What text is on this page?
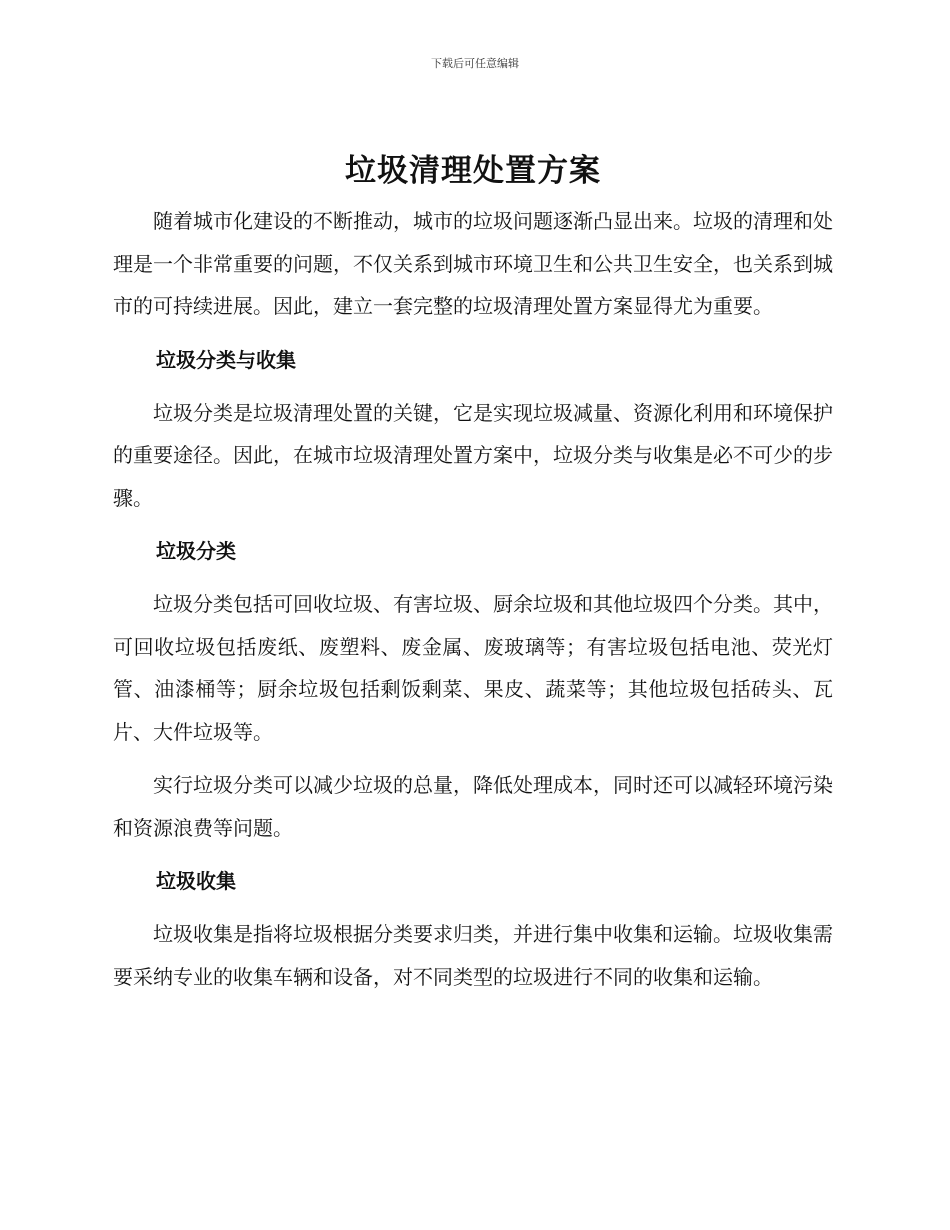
下载后可任意编辑
垃圾清理处置方案

随着城市化建设的不断推动，城市的垃圾问题逐渐凸显出来。垃圾的清理和处理是一个非常重要的问题，不仅关系到城市环境卫生和公共卫生安全，也关系到城市的可持续进展。因此，建立一套完整的垃圾清理处置方案显得尤为重要。

垃圾分类与收集

垃圾分类是垃圾清理处置的关键，它是实现垃圾减量、资源化利用和环境保护的重要途径。因此，在城市垃圾清理处置方案中，垃圾分类与收集是必不可少的步骤。

垃圾分类

垃圾分类包括可回收垃圾、有害垃圾、厨余垃圾和其他垃圾四个分类。其中，可回收垃圾包括废纸、废塑料、废金属、废玻璃等；有害垃圾包括电池、荧光灯管、油漆桶等；厨余垃圾包括剩饭剩菜、果皮、蔬菜等；其他垃圾包括砖头、瓦片、大件垃圾等。

实行垃圾分类可以减少垃圾的总量，降低处理成本，同时还可以减轻环境污染和资源浪费等问题。

垃圾收集

垃圾收集是指将垃圾根据分类要求归类，并进行集中收集和运输。垃圾收集需要采纳专业的收集车辆和设备，对不同类型的垃圾进行不同的收集和运输。
